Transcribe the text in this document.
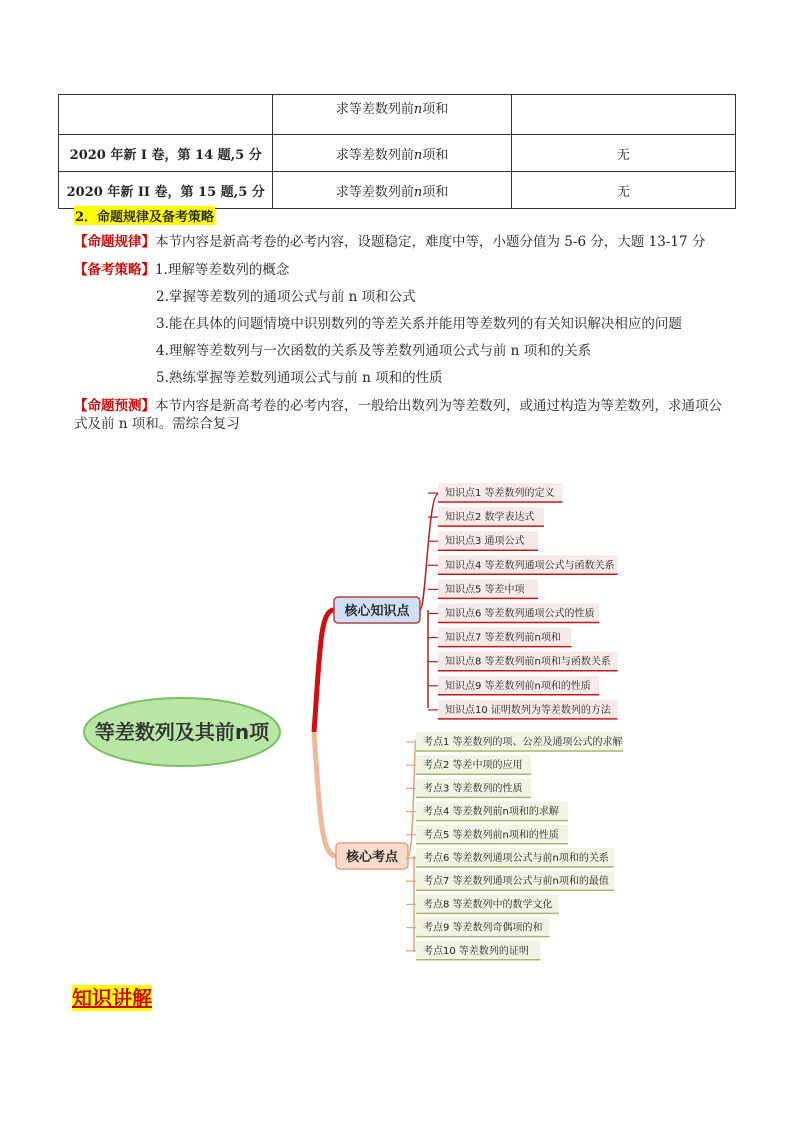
	求等差数列前n项和	
2020 年新 I 卷，第 14 题,5 分	求等差数列前n项和	无
2020 年新 II 卷，第 15 题,5 分	求等差数列前n项和	无
2．命题规律及备考策略
【命题规律】本节内容是新高考卷的必考内容，设题稳定，难度中等，小题分值为 5-6 分，大题 13-17 分
【备考策略】1.理解等差数列的概念
2.掌握等差数列的通项公式与前 n 项和公式
3.能在具体的问题情境中识别数列的等差关系并能用等差数列的有关知识解决相应的问题
4.理解等差数列与一次函数的关系及等差数列通项公式与前 n 项和的关系
5.熟练掌握等差数列通项公式与前 n 项和的性质
【命题预测】本节内容是新高考卷的必考内容，一般给出数列为等差数列，或通过构造为等差数列，求通项公式及前 n 项和。需综合复习
等差数列及其前n项
核心知识点
核心考点
知识点1 等差数列的定义
知识点2 数学表达式
知识点3 通项公式
知识点4 等差数列通项公式与函数关系
知识点5 等差中项
知识点6 等差数列通项公式的性质
知识点7 等差数列前n项和
知识点8 等差数列前n项和与函数关系
知识点9 等差数列前n项和的性质
知识点10 证明数列为等差数列的方法
考点1 等差数列的项、公差及通项公式的求解
考点2 等差中项的应用
考点3 等差数列的性质
考点4 等差数列前n项和的求解
考点5 等差数列前n项和的性质
考点6 等差数列通项公式与前n项和的关系
考点7 等差数列通项公式与前n项和的最值
考点8 等差数列中的数学文化
考点9 等差数列奇偶项的和
考点10 等差数列的证明
知识讲解
